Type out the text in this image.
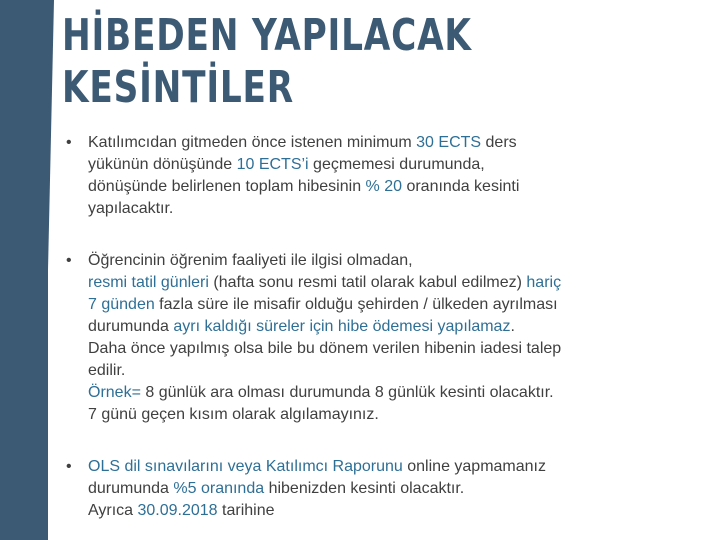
HİBEDEN YAPILACAK
KESİNTİLER
• Katılımcıdan gitmeden önce istenen minimum 30 ECTS ders
yükünün dönüşünde 10 ECTS’i geçmemesi durumunda,
dönüşünde belirlenen toplam hibesinin % 20 oranında kesinti
yapılacaktır.
• Öğrencinin öğrenim faaliyeti ile ilgisi olmadan,
resmi tatil günleri (hafta sonu resmi tatil olarak kabul edilmez) hariç
7 günden fazla süre ile misafir olduğu şehirden / ülkeden ayrılması
durumunda ayrı kaldığı süreler için hibe ödemesi yapılamaz.
Daha önce yapılmış olsa bile bu dönem verilen hibenin iadesi talep
edilir.
Örnek= 8 günlük ara olması durumunda 8 günlük kesinti olacaktır.
7 günü geçen kısım olarak algılamayınız.
• OLS dil sınavılarını veya Katılımcı Raporunu online yapmamanız
durumunda %5 oranında hibenizden kesinti olacaktır.
Ayrıca 30.09.2018 tarihine
